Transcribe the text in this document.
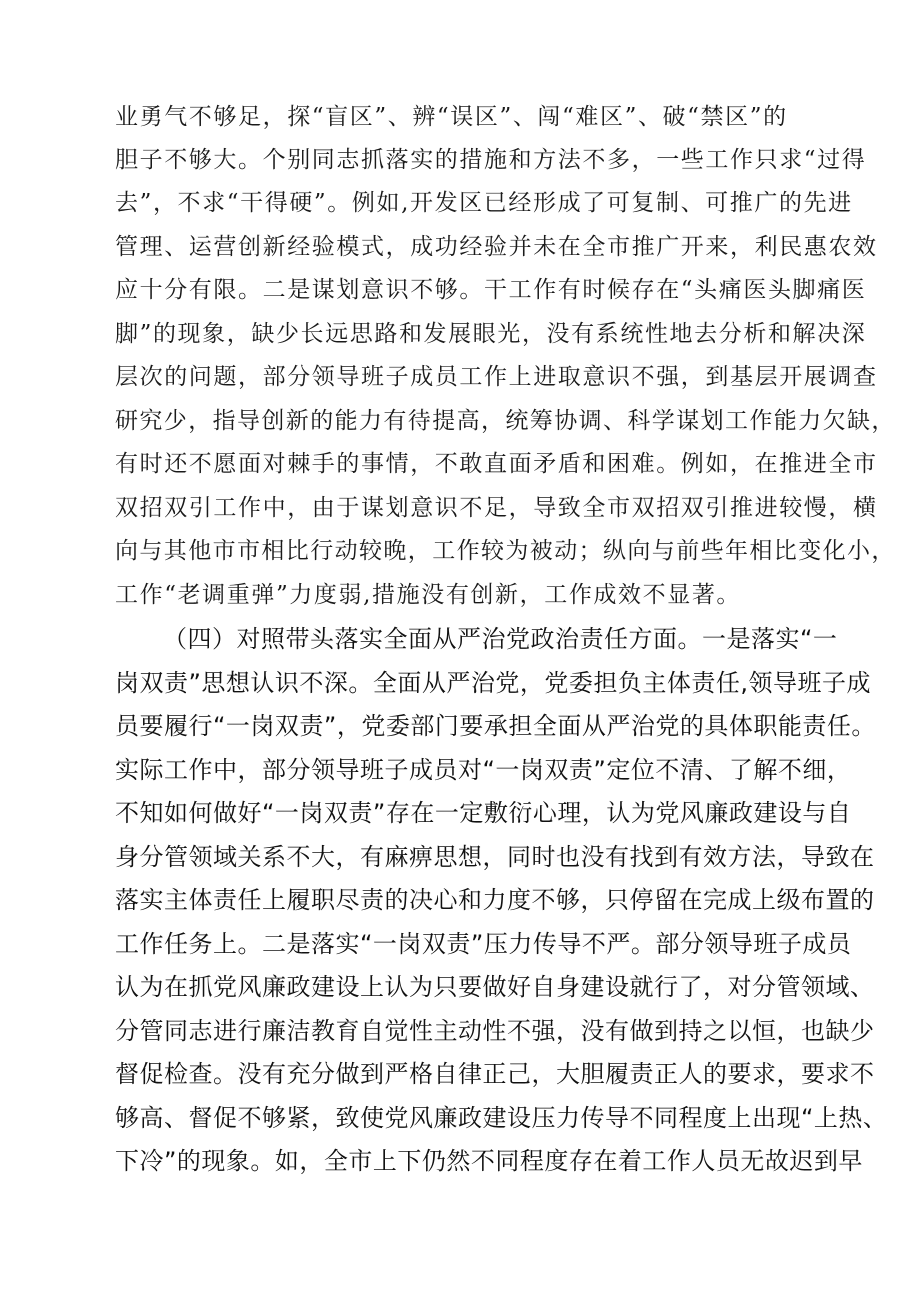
业勇气不够足，探“盲区”、辨“误区”、闯“难区”、破“禁区”的
胆子不够大。个别同志抓落实的措施和方法不多，一些工作只求“过得
去”，不求“干得硬”。例如,开发区已经形成了可复制、可推广的先进
管理、运营创新经验模式，成功经验并未在全市推广开来，利民惠农效
应十分有限。二是谋划意识不够。干工作有时候存在“头痛医头脚痛医
脚”的现象，缺少长远思路和发展眼光，没有系统性地去分析和解决深
层次的问题，部分领导班子成员工作上进取意识不强，到基层开展调查
研究少，指导创新的能力有待提高，统筹协调、科学谋划工作能力欠缺，
有时还不愿面对棘手的事情，不敢直面矛盾和困难。例如，在推进全市
双招双引工作中，由于谋划意识不足，导致全市双招双引推进较慢，横
向与其他市市相比行动较晚，工作较为被动；纵向与前些年相比变化小，
工作“老调重弹”力度弱,措施没有创新，工作成效不显著。
（四）对照带头落实全面从严治党政治责任方面。一是落实“一
岗双责”思想认识不深。全面从严治党，党委担负主体责任,领导班子成
员要履行“一岗双责”，党委部门要承担全面从严治党的具体职能责任。
实际工作中，部分领导班子成员对“一岗双责”定位不清、了解不细，
不知如何做好“一岗双责”存在一定敷衍心理，认为党风廉政建设与自
身分管领域关系不大，有麻痹思想，同时也没有找到有效方法，导致在
落实主体责任上履职尽责的决心和力度不够，只停留在完成上级布置的
工作任务上。二是落实“一岗双责”压力传导不严。部分领导班子成员
认为在抓党风廉政建设上认为只要做好自身建设就行了，对分管领域、
分管同志进行廉洁教育自觉性主动性不强，没有做到持之以恒，也缺少
督促检查。没有充分做到严格自律正己，大胆履责正人的要求，要求不
够高、督促不够紧，致使党风廉政建设压力传导不同程度上出现“上热、
下冷”的现象。如，全市上下仍然不同程度存在着工作人员无故迟到早
